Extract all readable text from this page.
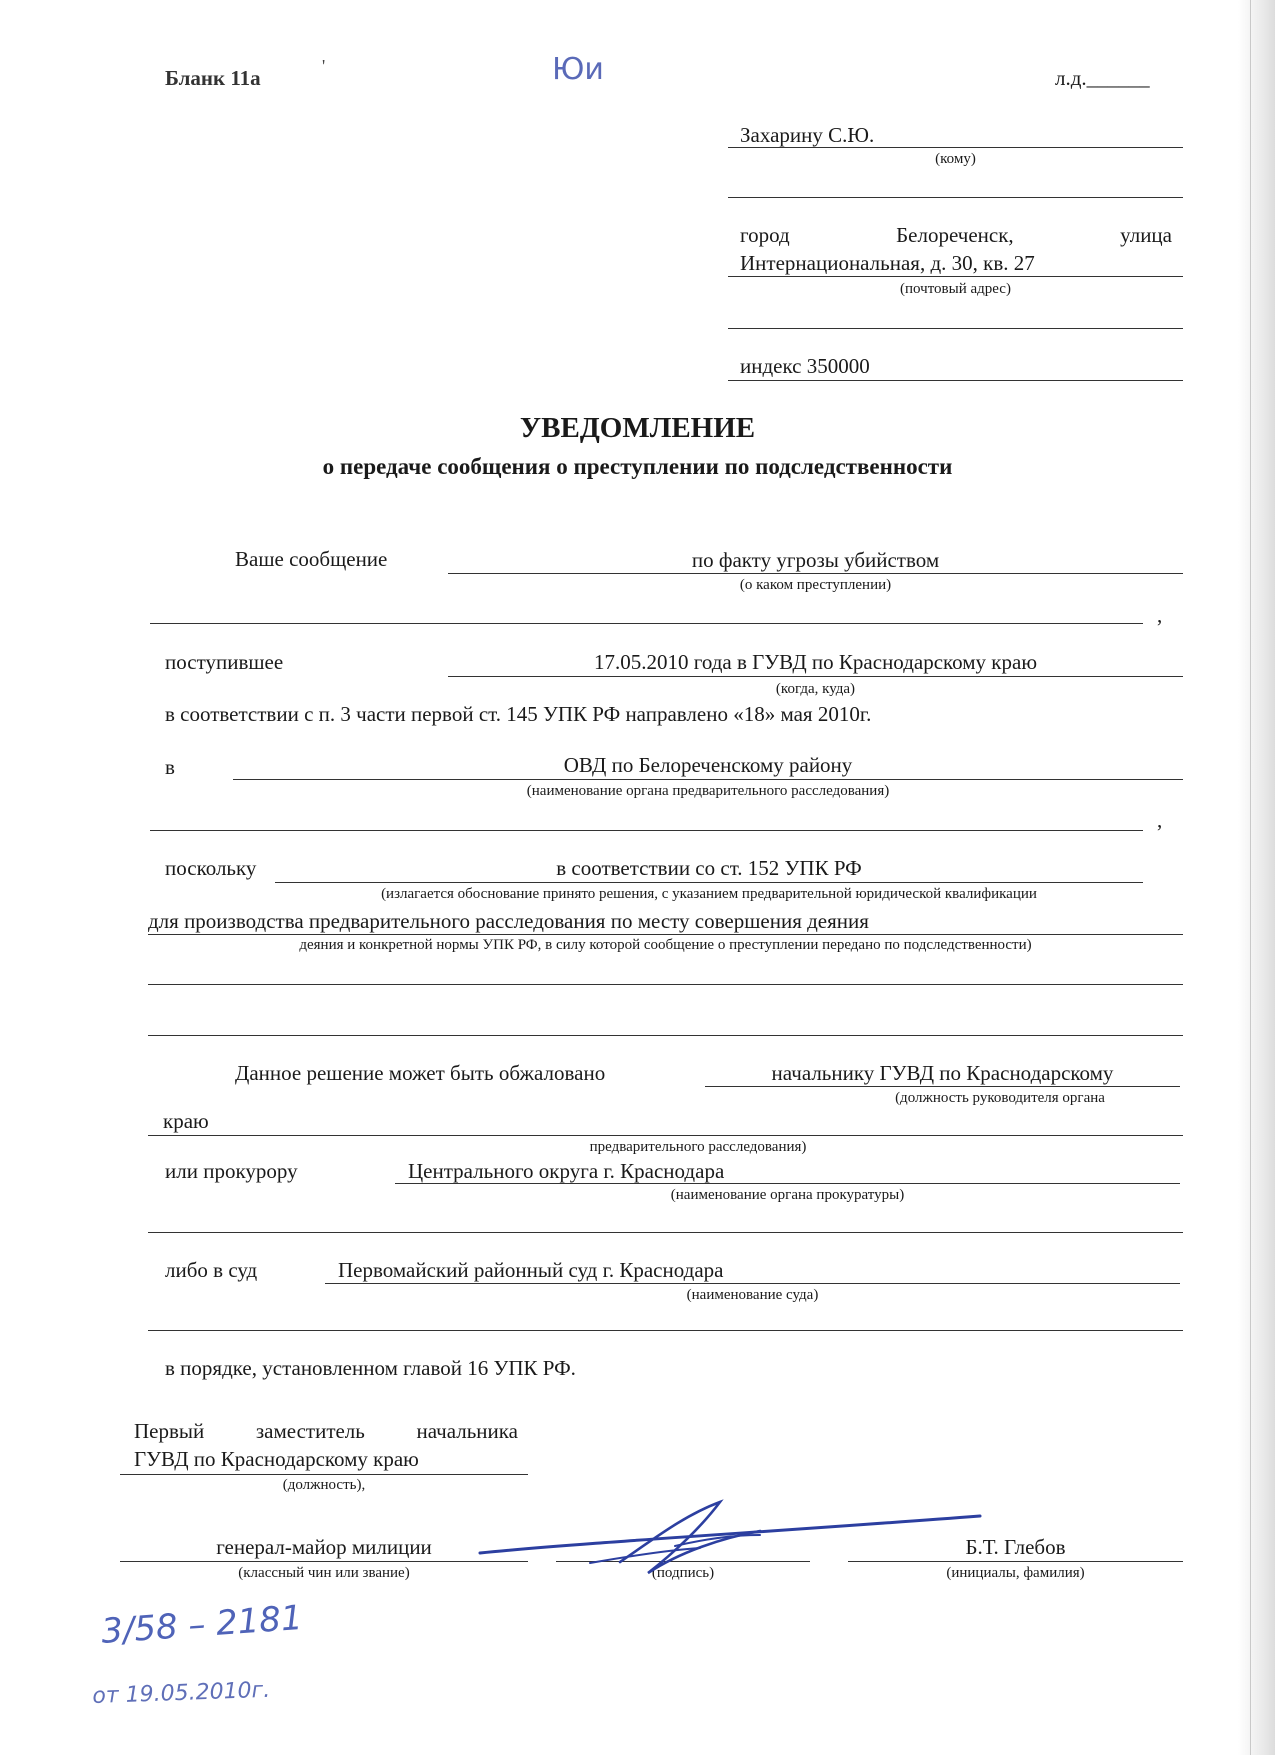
Бланк 11а	'	Юи	л.д.______
Захарину С.Ю.
(кому)
город	Белореченск,	улица
Интернациональная, д. 30, кв. 27
(почтовый адрес)
индекс 350000
УВЕДОМЛЕНИЕ
о передаче сообщения о преступлении по подследственности
Ваше сообщение	по факту угрозы убийством
(о каком преступлении)
,
поступившее	17.05.2010 года в ГУВД по Краснодарскому краю
(когда, куда)
в соответствии с п. 3 части первой ст. 145 УПК РФ направлено «18» мая 2010г.
в	ОВД по Белореченскому району
(наименование органа предварительного расследования)
,
поскольку	в соответствии со ст. 152 УПК РФ
(излагается обоснование принято решения, с указанием предварительной юридической квалификации
для производства предварительного расследования по месту совершения деяния
деяния и конкретной нормы УПК РФ, в силу которой сообщение о преступлении передано по подследственности)
Данное решение может быть обжаловано	начальнику ГУВД по Краснодарскому
(должность руководителя органа
краю
предварительного расследования)
или прокурору	Центрального округа г. Краснодара
(наименование органа прокуратуры)
либо в суд	Первомайский районный суд г. Краснодара
(наименование суда)
в порядке, установленном главой 16 УПК РФ.
Первый заместитель начальника
ГУВД по Краснодарскому краю
(должность),
генерал-майор милиции
(классный чин или звание)	(подпись)
Б.Т. Глебов
(инициалы, фамилия)
3/58 – 2181
от 19.05.2010г.
